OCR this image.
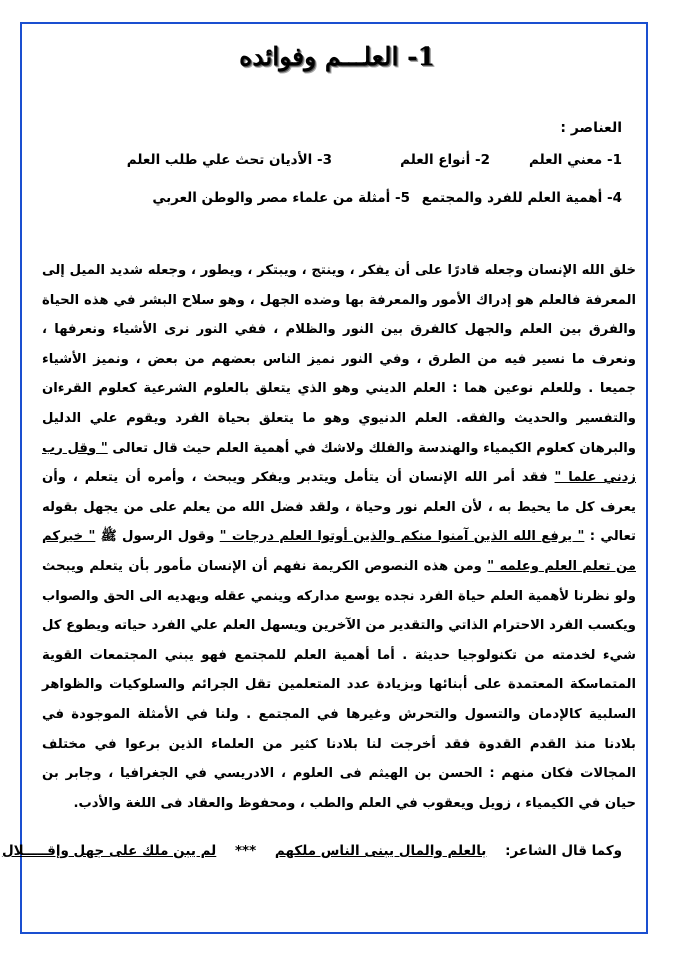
1- العلـــم وفوائده
العناصر :
1- معني العلم2- أنواع العلم3- الأديان تحث علي طلب العلم
4- أهمية العلم للفرد والمجتمع5- أمثلة من علماء مصر والوطن العربي

خلق الله الإنسان وجعله قادرًا على أن يفكر ، وينتج ، ويبتكر ، ويطور ، وجعله شديد الميل إلى المعرفة فالعلم هو إدراك الأمور والمعرفة بها وضده الجهل ، وهو سلاح البشر في هذه الحياة والفرق بين العلم والجهل كالفرق بين النور والظلام ، ففي النور نرى الأشياء ونعرفها ، ونعرف ما نسير فيه من الطرق ، وفي النور نميز الناس بعضهم من بعض ، ونميز الأشياء جميعا . وللعلم نوعين هما : العلم الديني وهو الذي يتعلق بالعلوم الشرعية كعلوم القرءان والتفسير والحديث والفقه. العلم الدنيوي وهو ما يتعلق بحياة الفرد ويقوم علي الدليل والبرهان كعلوم الكيمياء والهندسة والفلك ولاشك في أهمية العلم حيث قال تعالى " وقل رب زدني علما " فقد أمر الله الإنسان أن يتأمل ويتدبر ويفكر ويبحث ، وأمره أن يتعلم ، وأن يعرف كل ما يحيط به ، لأن العلم نور وحياة ، ولقد فضل الله من يعلم على من يجهل بقوله تعالي : " يرفع الله الذين آمنوا منكم والذين أوتوا العلم درجات " وقول الرسول ﷺ " خيركم من تعلم العلم وعلمه " ومن هذه النصوص الكريمة نفهم أن الإنسان مأمور بأن يتعلم ويبحث ولو نظرنا لأهمية العلم حياة الفرد نجده يوسع مداركه وينمي عقله ويهديه الى الحق والصواب ويكسب الفرد الاحترام الذاتي والتقدير من الآخرين ويسهل العلم علي الفرد حياته ويطوع كل شيء لخدمته من تكنولوجيا حديثة . أما أهمية العلم للمجتمع فهو يبني المجتمعات القوية المتماسكة المعتمدة على أبنائها وبزيادة عدد المتعلمين تقل الجرائم والسلوكيات والظواهر السلبية كالإدمان والتسول والتحرش وغيرها في المجتمع . ولنا في الأمثلة الموجودة في بلادنا منذ القدم القدوة فقد أخرجت لنا بلادنا كثير من العلماء الذين برعوا في مختلف المجالات فكان منهم : الحسن بن الهيثم فى العلوم ، الادريسي في الجغرافيا ، وجابر بن حيان في الكيمياء ، زويل ويعقوب في العلم والطب ، ومحفوظ والعقاد فى اللغة والأدب.

وكما قال الشاعر: بالعلم والمال يبنى الناس ملكهم *** لم يبن ملك على جهل وإقـــــلال
